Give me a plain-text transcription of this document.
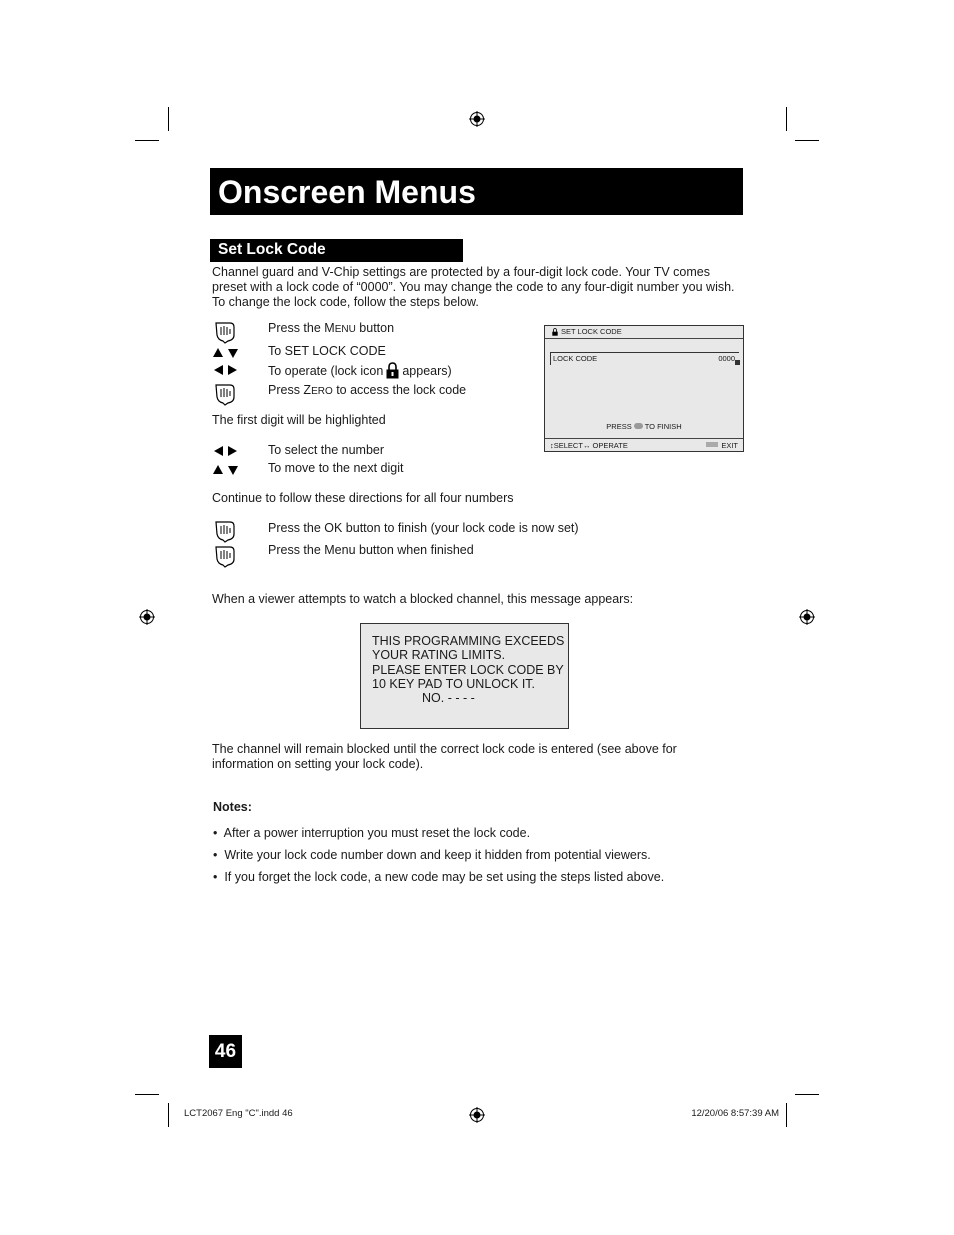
Onscreen Menus
Set Lock Code
Channel guard and V-Chip settings are protected by a four-digit lock code. Your TV comes preset with a lock code of “0000”. You may change the code to any four-digit number you wish. To change the lock code, follow the steps below.
Press the MENU button
To SET LOCK CODE
To operate (lock icon appears)
Press ZERO to access the lock code
The first digit will be highlighted
To select the number
To move to the next digit
Continue to follow these directions for all four numbers
Press the OK button to finish (your lock code is now set)
Press the Menu button when finished
SET LOCK CODE
LOCK CODE	0000
PRESS TO FINISH
↕SELECT↔ OPERATE	EXIT
When a viewer attempts to watch a blocked channel, this message appears:
THIS PROGRAMMING EXCEEDS
YOUR RATING LIMITS.
PLEASE ENTER LOCK CODE BY
10 KEY PAD TO UNLOCK IT.
NO. - - - -
The channel will remain blocked until the correct lock code is entered (see above for information on setting your lock code).
Notes:
•  After a power interruption you must reset the lock code.
•  Write your lock code number down and keep it hidden from potential viewers.
•  If you forget the lock code, a new code may be set using the steps listed above.
46
LCT2067 Eng "C".indd 46	12/20/06 8:57:39 AM
